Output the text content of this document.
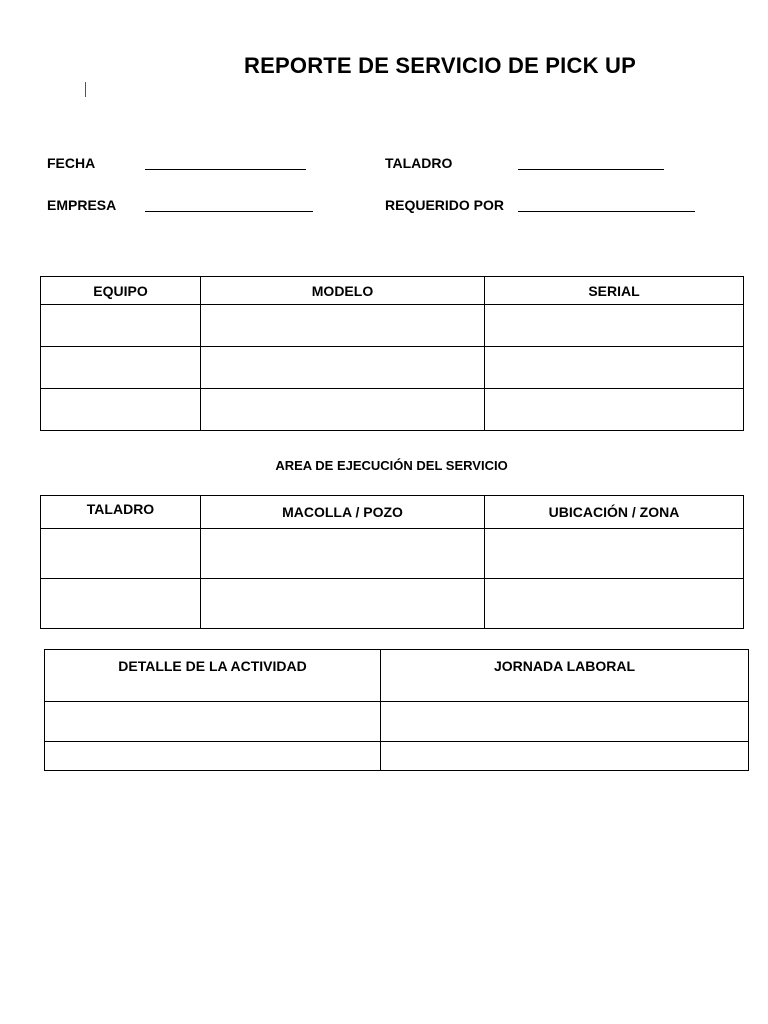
REPORTE DE SERVICIO DE PICK UP
FECHA	TALADRO
EMPRESA	REQUERIDO POR
EQUIPO	MODELO	SERIAL

AREA DE EJECUCIÓN DEL SERVICIO
TALADRO	MACOLLA / POZO	UBICACIÓN / ZONA

DETALLE DE LA ACTIVIDAD	JORNADA LABORAL
